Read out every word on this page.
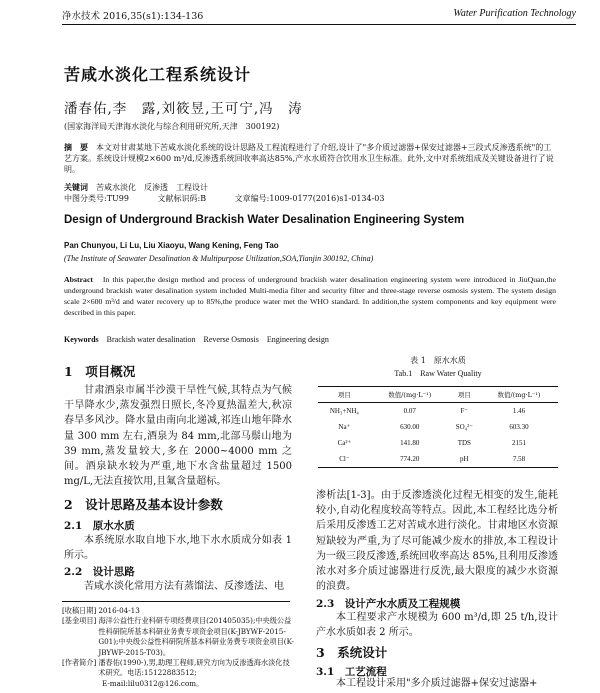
净水技术 2016,35(s1):134-136	Water Purification Technology
苦咸水淡化工程系统设计
潘春佑,李　露,刘筱昱,王可宁,冯　涛
(国家海洋局天津海水淡化与综合利用研究所,天津　300192)
摘　要　 本文对甘肃某地下苦咸水淡化系统的设计思路及工程流程进行了介绍,设计了"多介质过滤器+保安过滤器+三段式反渗透系统"的工艺方案。系统设计规模2×600 m³/d,反渗透系统回收率高达85%,产水水质符合饮用水卫生标准。此外,文中对系统组成及关键设备进行了说明。
关键词　 苦咸水淡化　反渗透　工程设计
中图分类号:TU99	文献标识码:B	文章编号:1009-0177(2016)s1-0134-03
Design of Underground Brackish Water Desalination Engineering System
Pan Chunyou, Li Lu, Liu Xiaoyu, Wang Kening, Feng Tao
(The Institute of Seawater Desalination & Multipurpose Utilization,SOA,Tianjin 300192, China)
Abstract　 In this paper,the design method and process of underground brackish water desalination engineering system were introduced in JiuQuan,the underground brackish water desalination system included Multi-media filter and security filter and three-stage reverse osmosis system. The system design scale 2×600 m³/d and water recovery up to 85%,the produce water met the WHO standard. In addition,the system components and key equipment were described in this paper.
Keywords　 Brackish water desalination　Reverse Osmosis　Engineering design
1　项目概况
甘肃酒泉市属半沙漠干旱性气候,其特点为气候干旱降水少,蒸发强烈日照长,冬冷夏热温差大,秋凉春旱多风沙。降水量由南向北递减,祁连山地年降水量 300 mm 左右,酒泉为 84 mm,北部马鬃山地为 39 mm,蒸发量较大,多在 2000~4000 mm 之间。酒泉缺水较为严重,地下水含盐量超过 1500 mg/L,无法直接饮用,且氟含量超标。
2　设计思路及基本设计参数
2.1　原水水质
本系统原水取自地下水,地下水水质成分如表 1 所示。
2.2　设计思路
苦咸水淡化常用方法有蒸馏法、反渗透法、电
[收稿日期] 2016-04-13
[基金项目] 海洋公益性行业科研专项经费项目(201405035);中央级公益性科研院所基本科研业务费专项资金项目(K-JBYWF-2015-G01);中央级公益性科研院所基本科研业务费专项资金项目(K-JBYWF-2015-T03)。
[作者简介] 潘春佑(1990-),男,助理工程师,研究方向为反渗透海水淡化技术研究。电话:15122883512;
E-mail:lilu0312@126.com。
表 1　原水水质
Tab.1　Raw Water Quality
项目	数值/(mg·L⁻¹)	项目	数值/(mg·L⁻¹)
NH₃+NH₄	0.07	F⁻	1.46
Na⁺	630.00	SO₄²⁻	603.30
Ca²⁺	141.80	TDS	2151
Cl⁻	774.20	pH	7.58
渗析法[1-3]。由于反渗透淡化过程无相变的发生,能耗较小,自动化程度较高等特点。因此,本工程经比选分析后采用反渗透工艺对苦咸水进行淡化。甘肃地区水资源短缺较为严重,为了尽可能减少废水的排放,本工程设计为一级三段反渗透,系统回收率高达 85%,且利用反渗透浓水对多介质过滤器进行反洗,最大限度的减少水资源的浪费。
2.3　设计产水水质及工程规模
本工程要求产水规模为 600 m³/d,即 25 t/h,设计产水水质如表 2 所示。
3　系统设计
3.1　工艺流程
本工程设计采用"多介质过滤器+保安过滤器+
